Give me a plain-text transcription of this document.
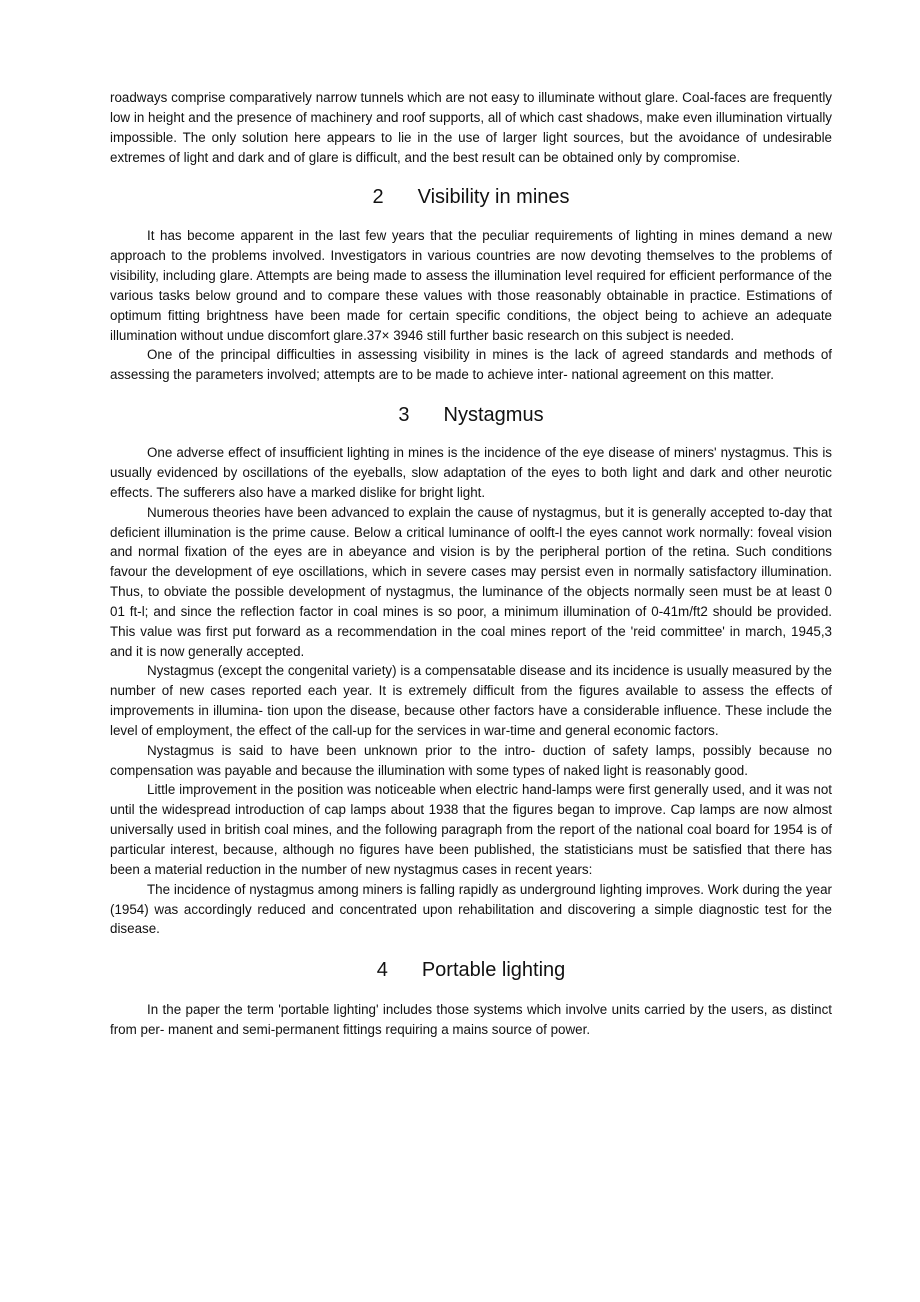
roadways comprise comparatively narrow tunnels which are not easy to illuminate without glare. Coal-faces are frequently low in height and the presence of machinery and roof supports, all of which cast shadows, make even illumination virtually impossible. The only solution here appears to lie in the use of larger light sources, but the avoidance of undesirable extremes of light and dark and of glare is difficult, and the best result can be obtained only by compromise.

2 Visibility in mines

It has become apparent in the last few years that the peculiar requirements of lighting in mines demand a new approach to the problems involved. Investigators in various countries are now devoting themselves to the problems of visibility, including glare. Attempts are being made to assess the illumination level required for efficient performance of the various tasks below ground and to compare these values with those reasonably obtainable in practice. Estimations of optimum fitting brightness have been made for certain specific conditions, the object being to achieve an adequate illumination without undue discomfort glare.37× 3946 still further basic research on this subject is needed.

One of the principal difficulties in assessing visibility in mines is the lack of agreed standards and methods of assessing the parameters involved; attempts are to be made to achieve inter- national agreement on this matter.

3 Nystagmus

One adverse effect of insufficient lighting in mines is the incidence of the eye disease of miners' nystagmus. This is usually evidenced by oscillations of the eyeballs, slow adaptation of the eyes to both light and dark and other neurotic effects. The sufferers also have a marked dislike for bright light.

Numerous theories have been advanced to explain the cause of nystagmus, but it is generally accepted to-day that deficient illumination is the prime cause. Below a critical luminance of oolft-l the eyes cannot work normally: foveal vision and normal fixation of the eyes are in abeyance and vision is by the peripheral portion of the retina. Such conditions favour the development of eye oscillations, which in severe cases may persist even in normally satisfactory illumination. Thus, to obviate the possible development of nystagmus, the luminance of the objects normally seen must be at least 0 01 ft-l; and since the reflection factor in coal mines is so poor, a minimum illumination of 0-41m/ft2 should be provided. This value was first put forward as a recommendation in the coal mines report of the 'reid committee' in march, 1945,3 and it is now generally accepted.

Nystagmus (except the congenital variety) is a compensatable disease and its incidence is usually measured by the number of new cases reported each year. It is extremely difficult from the figures available to assess the effects of improvements in illumina- tion upon the disease, because other factors have a considerable influence. These include the level of employment, the effect of the call-up for the services in war-time and general economic factors.

Nystagmus is said to have been unknown prior to the intro- duction of safety lamps, possibly because no compensation was payable and because the illumination with some types of naked light is reasonably good.

Little improvement in the position was noticeable when electric hand-lamps were first generally used, and it was not until the widespread introduction of cap lamps about 1938 that the figures began to improve. Cap lamps are now almost universally used in british coal mines, and the following paragraph from the report of the national coal board for 1954 is of particular interest, because, although no figures have been published, the statisticians must be satisfied that there has been a material reduction in the number of new nystagmus cases in recent years:

The incidence of nystagmus among miners is falling rapidly as underground lighting improves. Work during the year (1954) was accordingly reduced and concentrated upon rehabilitation and discovering a simple diagnostic test for the disease.

4 Portable lighting

In the paper the term 'portable lighting' includes those systems which involve units carried by the users, as distinct from per- manent and semi-permanent fittings requiring a mains source of power.
